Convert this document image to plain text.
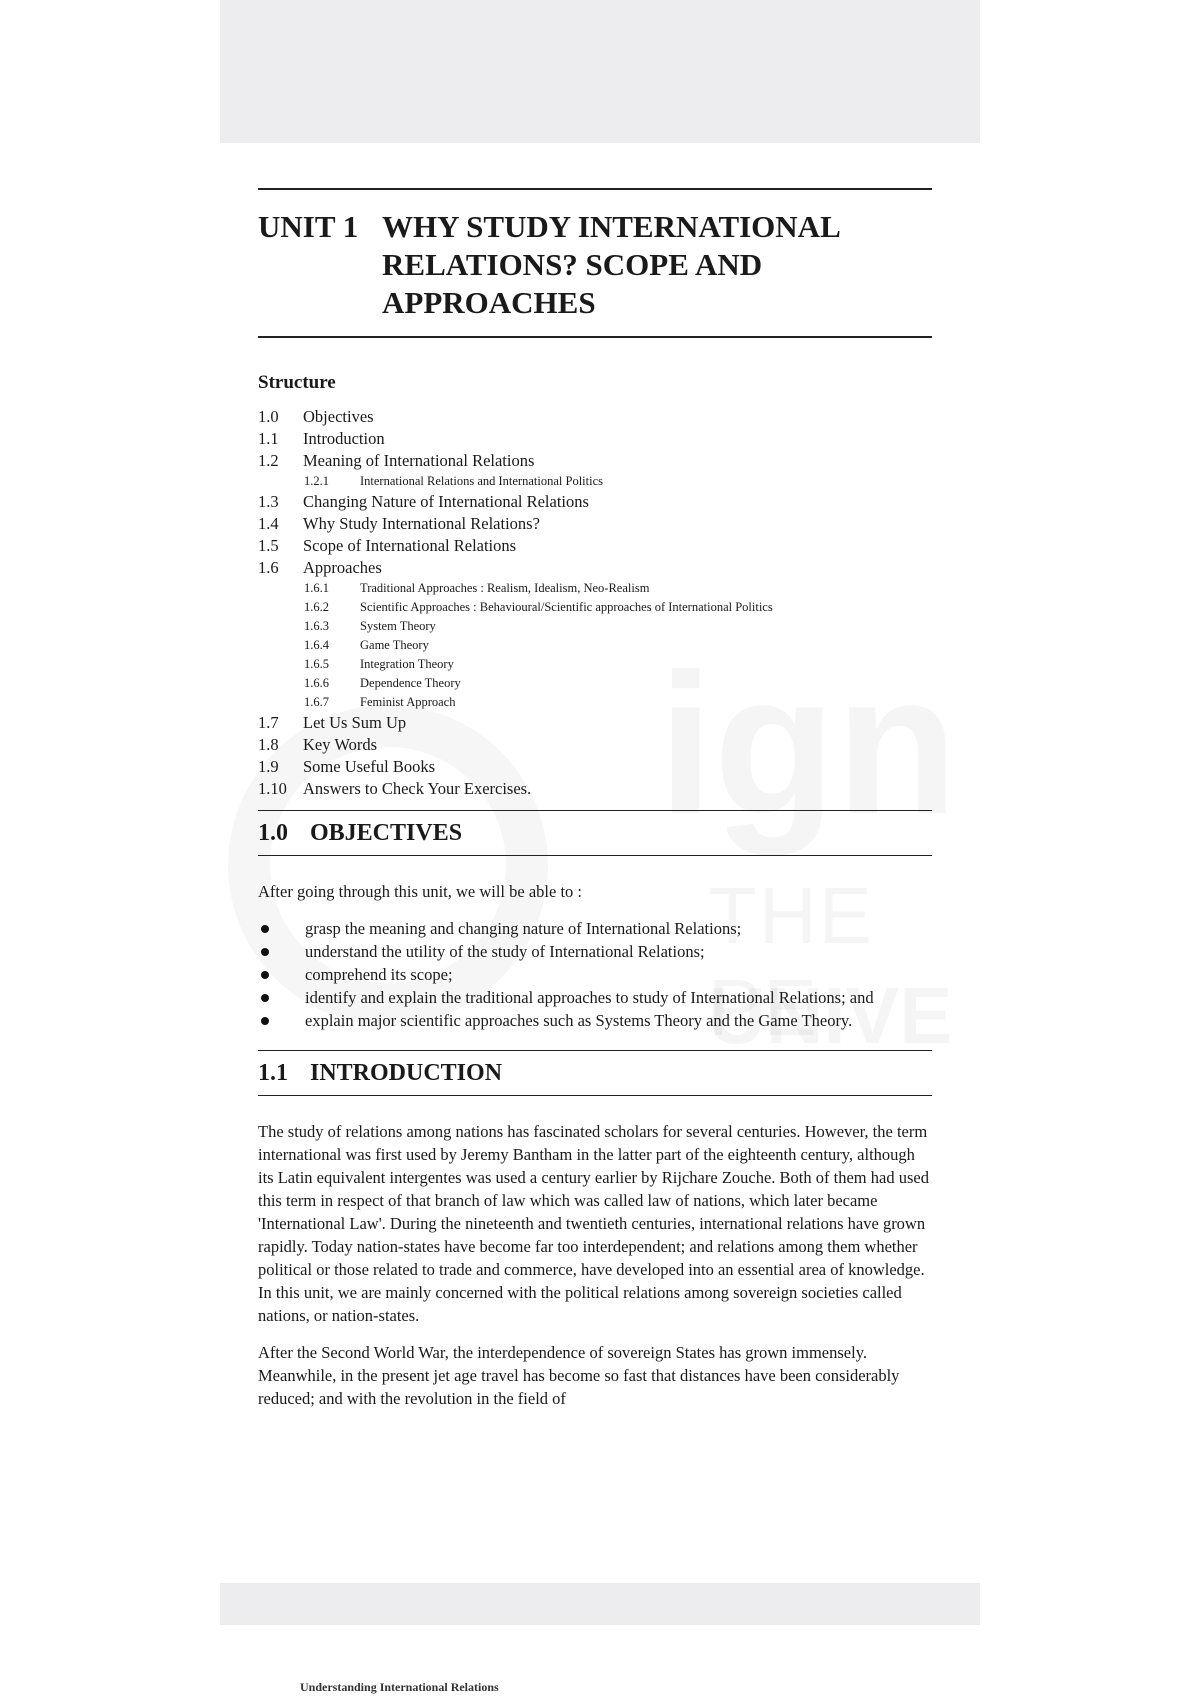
UNIT 1 WHY STUDY INTERNATIONAL
RELATIONS? SCOPE AND
APPROACHES
Structure
1.0	Objectives
1.1	Introduction
1.2	Meaning of International Relations
1.2.1	International Relations and International Politics
1.3	Changing Nature of International Relations
1.4	Why Study International Relations?
1.5	Scope of International Relations
1.6	Approaches
1.6.1	Traditional Approaches : Realism, Idealism, Neo-Realism
1.6.2	Scientific Approaches : Behavioural/Scientific approaches of International Politics
1.6.3	System Theory
1.6.4	Game Theory
1.6.5	Integration Theory
1.6.6	Dependence Theory
1.6.7	Feminist Approach
1.7	Let Us Sum Up
1.8	Key Words
1.9	Some Useful Books
1.10 Answers to Check Your Exercises.
1.0 OBJECTIVES

After going through this unit, we will be able to :

grasp the meaning and changing nature of International Relations;
understand the utility of the study of International Relations;
comprehend its scope;
identify and explain the traditional approaches to study of International Relations; and
explain major scientific approaches such as Systems Theory and the Game Theory.
1.1 INTRODUCTION

The study of relations among nations has fascinated scholars for several centuries. However, the term international was first used by Jeremy Bantham in the latter part of the eighteenth century, although its Latin equivalent intergentes was used a century earlier by Rijchare Zouche. Both of them had used this term in respect of that branch of law which was called law of nations, which later became 'International Law'. During the nineteenth and twentieth centuries, international relations have grown rapidly. Today nation-states have become far too interdependent; and relations among them whether political or those related to trade and commerce, have developed into an essential area of knowledge. In this unit, we are mainly concerned with the political relations among sovereign societies called nations, or nation-states.

After the Second World War, the interdependence of sovereign States has grown immensely. Meanwhile, in the present jet age travel has become so fast that distances have been considerably reduced; and with the revolution in the field of

Understanding International Relations
